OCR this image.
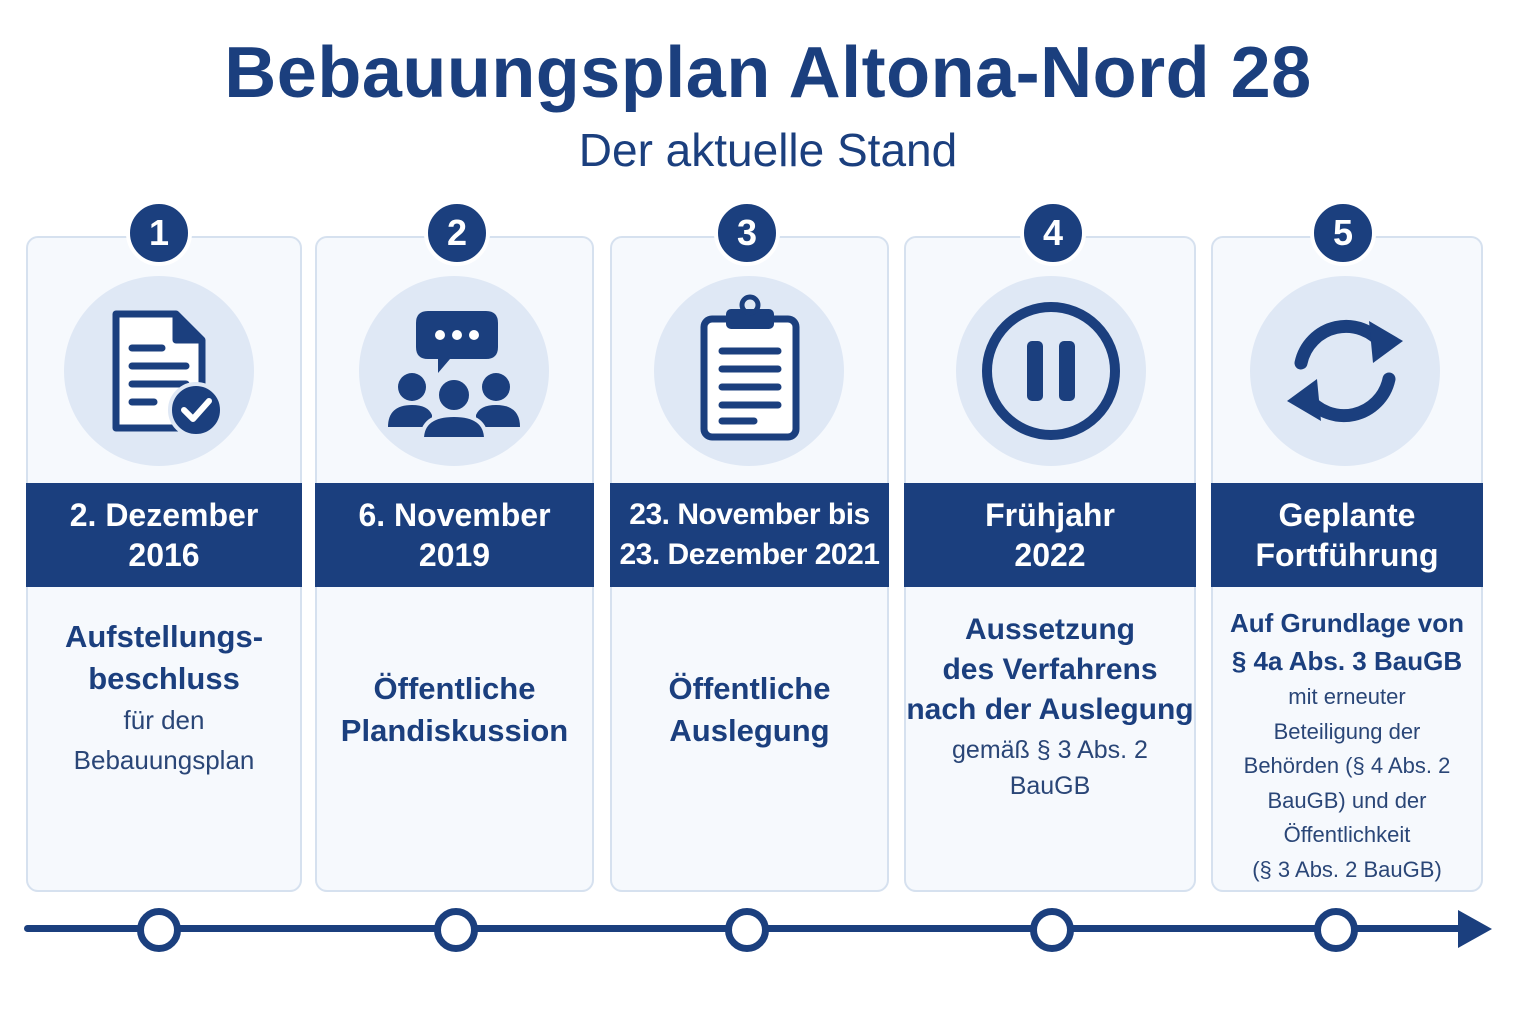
Bebauungsplan Altona-Nord 28
Der aktuelle Stand
1
2. Dezember
2016
Aufstellungs-
beschluss
für den
Bebauungsplan
2
6. November
2019
Öffentliche
Plandiskussion
3
23. November bis
23. Dezember 2021
Öffentliche
Auslegung
4
Frühjahr
2022
Aussetzung
des Verfahrens
nach der Auslegung
gemäß § 3 Abs. 2
BauGB
5
Geplante
Fortführung
Auf Grundlage von
§ 4a Abs. 3 BauGB
mit erneuter
Beteiligung der
Behörden (§ 4 Abs. 2
BauGB) und der
Öffentlichkeit
(§ 3 Abs. 2 BauGB)
